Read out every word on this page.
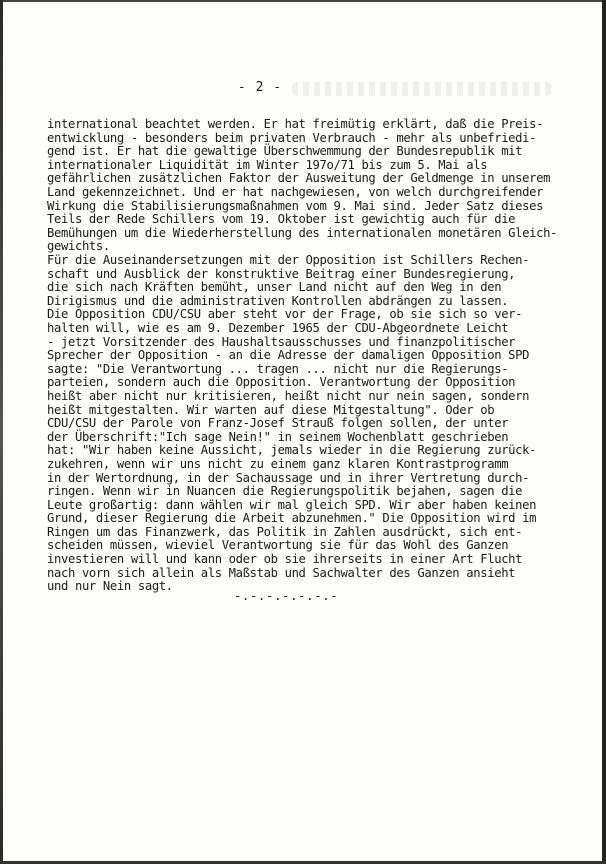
- 2 -
international beachtet werden. Er hat freimütig erklärt, daß die Preis-
entwicklung - besonders beim privaten Verbrauch - mehr als unbefriedi-
gend ist. Er hat die gewaltige Überschwemmung der Bundesrepublik mit
internationaler Liquidität im Winter 197o/71 bis zum 5. Mai als
gefährlichen zusätzlichen Faktor der Ausweitung der Geldmenge in unserem
Land gekennzeichnet. Und er hat nachgewiesen, von welch durchgreifender
Wirkung die Stabilisierungsmaßnahmen vom 9. Mai sind. Jeder Satz dieses
Teils der Rede Schillers vom 19. Oktober ist gewichtig auch für die
Bemühungen um die Wiederherstellung des internationalen monetären Gleich-
gewichts.
Für die Auseinandersetzungen mit der Opposition ist Schillers Rechen-
schaft und Ausblick der konstruktive Beitrag einer Bundesregierung,
die sich nach Kräften bemüht, unser Land nicht auf den Weg in den
Dirigismus und die administrativen Kontrollen abdrängen zu lassen.
Die Opposition CDU/CSU aber steht vor der Frage, ob sie sich so ver-
halten will, wie es am 9. Dezember 1965 der CDU-Abgeordnete Leicht
- jetzt Vorsitzender des Haushaltsausschusses und finanzpolitischer
Sprecher der Opposition - an die Adresse der damaligen Opposition SPD
sagte: "Die Verantwortung ... tragen ... nicht nur die Regierungs-
parteien, sondern auch die Opposition. Verantwortung der Opposition
heißt aber nicht nur kritisieren, heißt nicht nur nein sagen, sondern
heißt mitgestalten. Wir warten auf diese Mitgestaltung". Oder ob
CDU/CSU der Parole von Franz-Josef Strauß folgen sollen, der unter
der Überschrift:"Ich sage Nein!" in seinem Wochenblatt geschrieben
hat: "Wir haben keine Aussicht, jemals wieder in die Regierung zurück-
zukehren, wenn wir uns nicht zu einem ganz klaren Kontrastprogramm
in der Wertordnung, in der Sachaussage und in ihrer Vertretung durch-
ringen. Wenn wir in Nuancen die Regierungspolitik bejahen, sagen die
Leute großartig: dann wählen wir mal gleich SPD. Wir aber haben keinen
Grund, dieser Regierung die Arbeit abzunehmen." Die Opposition wird im
Ringen um das Finanzwerk, das Politik in Zahlen ausdrückt, sich ent-
scheiden müssen, wieviel Verantwortung sie für das Wohl des Ganzen
investieren will und kann oder ob sie ihrerseits in einer Art Flucht
nach vorn sich allein als Maßstab und Sachwalter des Ganzen ansieht
und nur Nein sagt.
-.-.-.-.-.-.-
